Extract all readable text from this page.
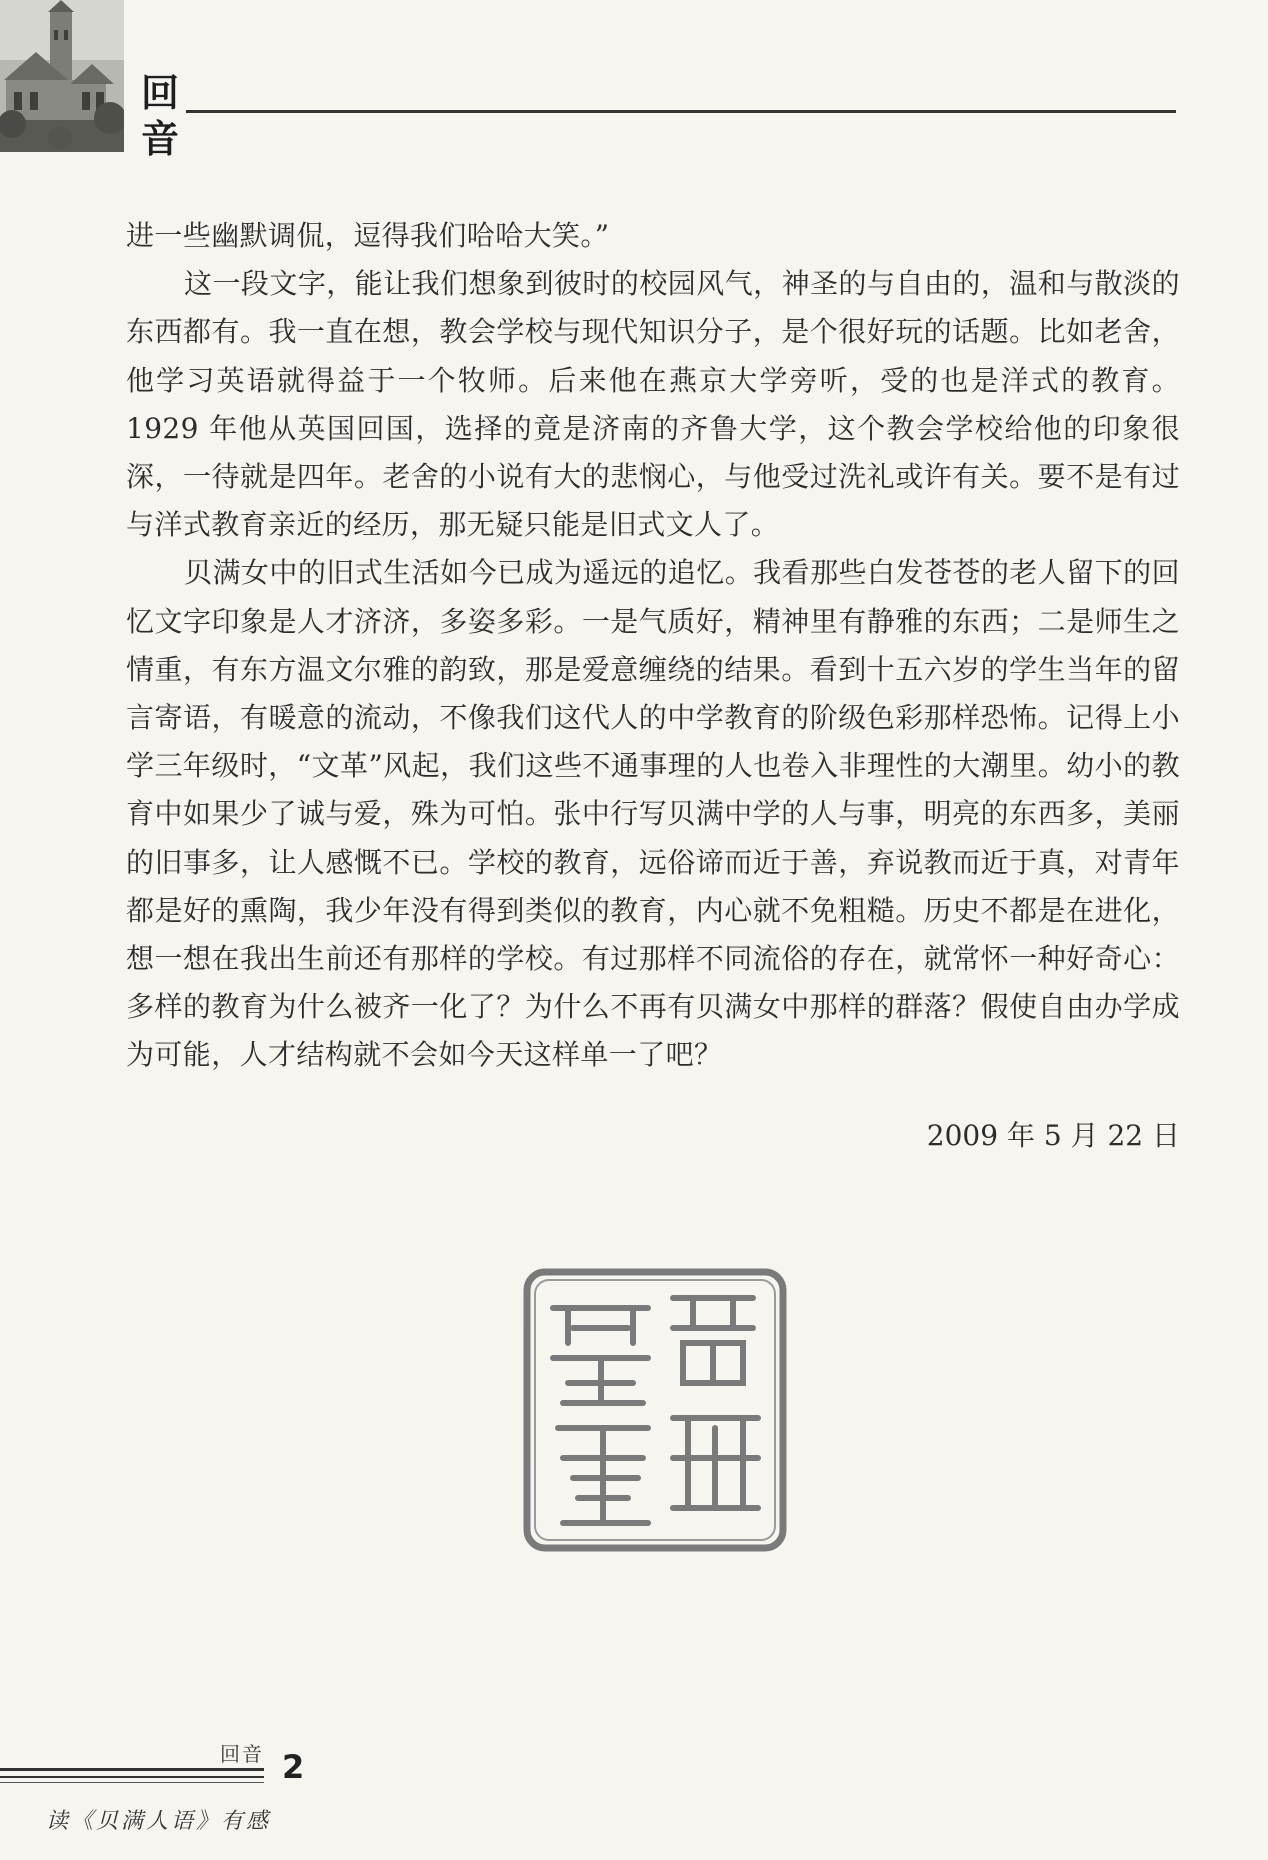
回
音

进一些幽默调侃，逗得我们哈哈大笑。”

这一段文字，能让我们想象到彼时的校园风气，神圣的与自由的，温和与散淡的东西都有。我一直在想，教会学校与现代知识分子，是个很好玩的话题。比如老舍，他学习英语就得益于一个牧师。后来他在燕京大学旁听，受的也是洋式的教育。1929 年他从英国回国，选择的竟是济南的齐鲁大学，这个教会学校给他的印象很深，一待就是四年。老舍的小说有大的悲悯心，与他受过洗礼或许有关。要不是有过与洋式教育亲近的经历，那无疑只能是旧式文人了。

贝满女中的旧式生活如今已成为遥远的追忆。我看那些白发苍苍的老人留下的回忆文字印象是人才济济，多姿多彩。一是气质好，精神里有静雅的东西；二是师生之情重，有东方温文尔雅的韵致，那是爱意缠绕的结果。看到十五六岁的学生当年的留言寄语，有暖意的流动，不像我们这代人的中学教育的阶级色彩那样恐怖。记得上小学三年级时，“文革”风起，我们这些不通事理的人也卷入非理性的大潮里。幼小的教育中如果少了诚与爱，殊为可怕。张中行写贝满中学的人与事，明亮的东西多，美丽的旧事多，让人感慨不已。学校的教育，远俗谛而近于善，弃说教而近于真，对青年都是好的熏陶，我少年没有得到类似的教育，内心就不免粗糙。历史不都是在进化，想一想在我出生前还有那样的学校。有过那样不同流俗的存在，就常怀一种好奇心：多样的教育为什么被齐一化了？为什么不再有贝满女中那样的群落？假使自由办学成为可能，人才结构就不会如今天这样单一了吧？

2009 年 5 月 22 日
回音 2
读《贝满人语》有感
